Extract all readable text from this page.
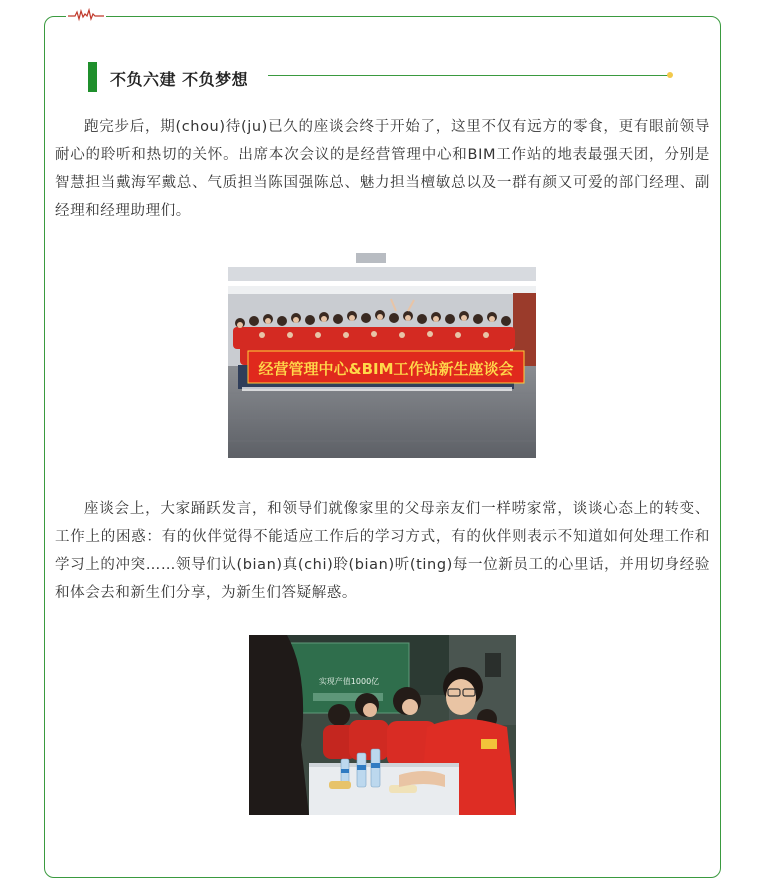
不负六建 不负梦想

跑完步后，期(chou)待(ju)已久的座谈会终于开始了，这里不仅有远方的零食，更有眼前领导耐心的聆听和热切的关怀。出席本次会议的是经营管理中心和BIM工作站的地表最强天团，分别是智慧担当戴海军戴总、气质担当陈国强陈总、魅力担当檀敏总以及一群有颜又可爱的部门经理、副经理和经理助理们。

经营管理中心&BIM工作站新生座谈会

座谈会上，大家踊跃发言，和领导们就像家里的父母亲友们一样唠家常，谈谈心态上的转变、工作上的困惑：有的伙伴觉得不能适应工作后的学习方式，有的伙伴则表示不知道如何处理工作和学习上的冲突……领导们认(bian)真(chi)聆(bian)听(ting)每一位新员工的心里话，并用切身经验和体会去和新生们分享，为新生们答疑解惑。

实现产值1000亿
